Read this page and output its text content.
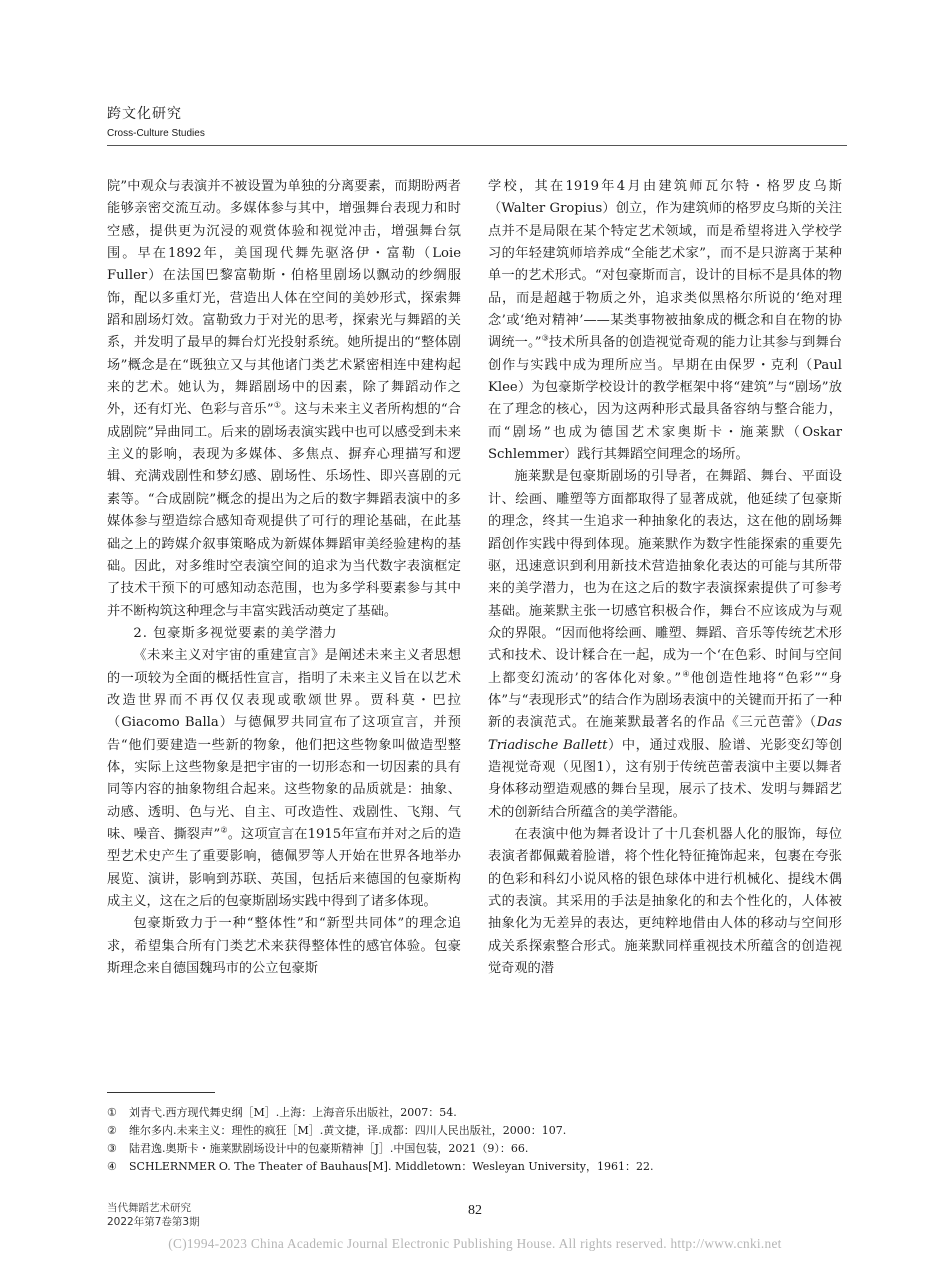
跨文化研究
Cross-Culture Studies

院”中观众与表演并不被设置为单独的分离要素，而期盼两者能够亲密交流互动。多媒体参与其中，增强舞台表现力和时空感，提供更为沉浸的观赏体验和视觉冲击，增强舞台氛围。早在1892年，美国现代舞先驱洛伊・富勒（Loie Fuller）在法国巴黎富勒斯・伯格里剧场以飘动的纱绸服饰，配以多重灯光，营造出人体在空间的美妙形式，探索舞蹈和剧场灯效。富勒致力于对光的思考，探索光与舞蹈的关系，并发明了最早的舞台灯光投射系统。她所提出的“整体剧场”概念是在“既独立又与其他诸门类艺术紧密相连中建构起来的艺术。她认为，舞蹈剧场中的因素，除了舞蹈动作之外，还有灯光、色彩与音乐”①。这与未来主义者所构想的“合成剧院”异曲同工。后来的剧场表演实践中也可以感受到未来主义的影响，表现为多媒体、多焦点、摒弃心理描写和逻辑、充满戏剧性和梦幻感、剧场性、乐场性、即兴喜剧的元素等。“合成剧院”概念的提出为之后的数字舞蹈表演中的多媒体参与塑造综合感知奇观提供了可行的理论基础，在此基础之上的跨媒介叙事策略成为新媒体舞蹈审美经验建构的基础。因此，对多维时空表演空间的追求为当代数字表演框定了技术干预下的可感知动态范围，也为多学科要素参与其中并不断构筑这种理念与丰富实践活动奠定了基础。

2. 包豪斯多视觉要素的美学潜力

《未来主义对宇宙的重建宣言》是阐述未来主义者思想的一项较为全面的概括性宣言，指明了未来主义旨在以艺术改造世界而不再仅仅表现或歌颂世界。贾科莫・巴拉（Giacomo Balla）与德佩罗共同宣布了这项宣言，并预告“他们要建造一些新的物象，他们把这些物象叫做造型整体，实际上这些物象是把宇宙的一切形态和一切因素的具有同等内容的抽象物组合起来。这些物象的品质就是：抽象、动感、透明、色与光、自主、可改造性、戏剧性、飞翔、气味、噪音、撕裂声”②。这项宣言在1915年宣布并对之后的造型艺术史产生了重要影响，德佩罗等人开始在世界各地举办展览、演讲，影响到苏联、英国，包括后来德国的包豪斯构成主义，这在之后的包豪斯剧场实践中得到了诸多体现。

包豪斯致力于一种“整体性”和“新型共同体”的理念追求，希望集合所有门类艺术来获得整体性的感官体验。包豪斯理念来自德国魏玛市的公立包豪斯

学校，其在1919年4月由建筑师瓦尔特・格罗皮乌斯（Walter Gropius）创立，作为建筑师的格罗皮乌斯的关注点并不是局限在某个特定艺术领域，而是希望将进入学校学习的年轻建筑师培养成“全能艺术家”，而不是只游离于某种单一的艺术形式。“对包豪斯而言，设计的目标不是具体的物品，而是超越于物质之外，追求类似黑格尔所说的‘绝对理念’或‘绝对精神’——某类事物被抽象成的概念和自在物的协调统一。”③技术所具备的创造视觉奇观的能力让其参与到舞台创作与实践中成为理所应当。早期在由保罗・克利（Paul Klee）为包豪斯学校设计的教学框架中将“建筑”与“剧场”放在了理念的核心，因为这两种形式最具备容纳与整合能力，而“剧场”也成为德国艺术家奥斯卡・施莱默（Oskar Schlemmer）践行其舞蹈空间理念的场所。

施莱默是包豪斯剧场的引导者，在舞蹈、舞台、平面设计、绘画、雕塑等方面都取得了显著成就，他延续了包豪斯的理念，终其一生追求一种抽象化的表达，这在他的剧场舞蹈创作实践中得到体现。施莱默作为数字性能探索的重要先驱，迅速意识到利用新技术营造抽象化表达的可能与其所带来的美学潜力，也为在这之后的数字表演探索提供了可参考基础。施莱默主张一切感官积极合作，舞台不应该成为与观众的界限。“因而他将绘画、雕塑、舞蹈、音乐等传统艺术形式和技术、设计糅合在一起，成为一个‘在色彩、时间与空间上都变幻流动’的客体化对象。”④他创造性地将“色彩”“身体”与“表现形式”的结合作为剧场表演中的关键而开拓了一种新的表演范式。在施莱默最著名的作品《三元芭蕾》（Das Triadische Ballett）中，通过戏服、脸谱、光影变幻等创造视觉奇观（见图1），这有别于传统芭蕾表演中主要以舞者身体移动塑造观感的舞台呈现，展示了技术、发明与舞蹈艺术的创新结合所蕴含的美学潜能。

在表演中他为舞者设计了十几套机器人化的服饰，每位表演者都佩戴着脸谱，将个性化特征掩饰起来，包裹在夸张的色彩和科幻小说风格的银色球体中进行机械化、提线木偶式的表演。其采用的手法是抽象化的和去个性化的，人体被抽象化为无差异的表达，更纯粹地借由人体的移动与空间形成关系探索整合形式。施莱默同样重视技术所蕴含的创造视觉奇观的潜

①	刘青弋.西方现代舞史纲［M］.上海：上海音乐出版社，2007：54.
②	维尔多内.未来主义：理性的疯狂［M］.黄文捷，译.成都：四川人民出版社，2000：107.
③	陆君逸.奥斯卡・施莱默剧场设计中的包豪斯精神［J］.中国包装，2021（9）：66.
④	SCHLERNMER O. The Theater of Bauhaus[M]. Middletown：Wesleyan University，1961：22.
当代舞蹈艺术研究
2022年第7卷第3期
82
(C)1994-2023 China Academic Journal Electronic Publishing House. All rights reserved. http://www.cnki.net
